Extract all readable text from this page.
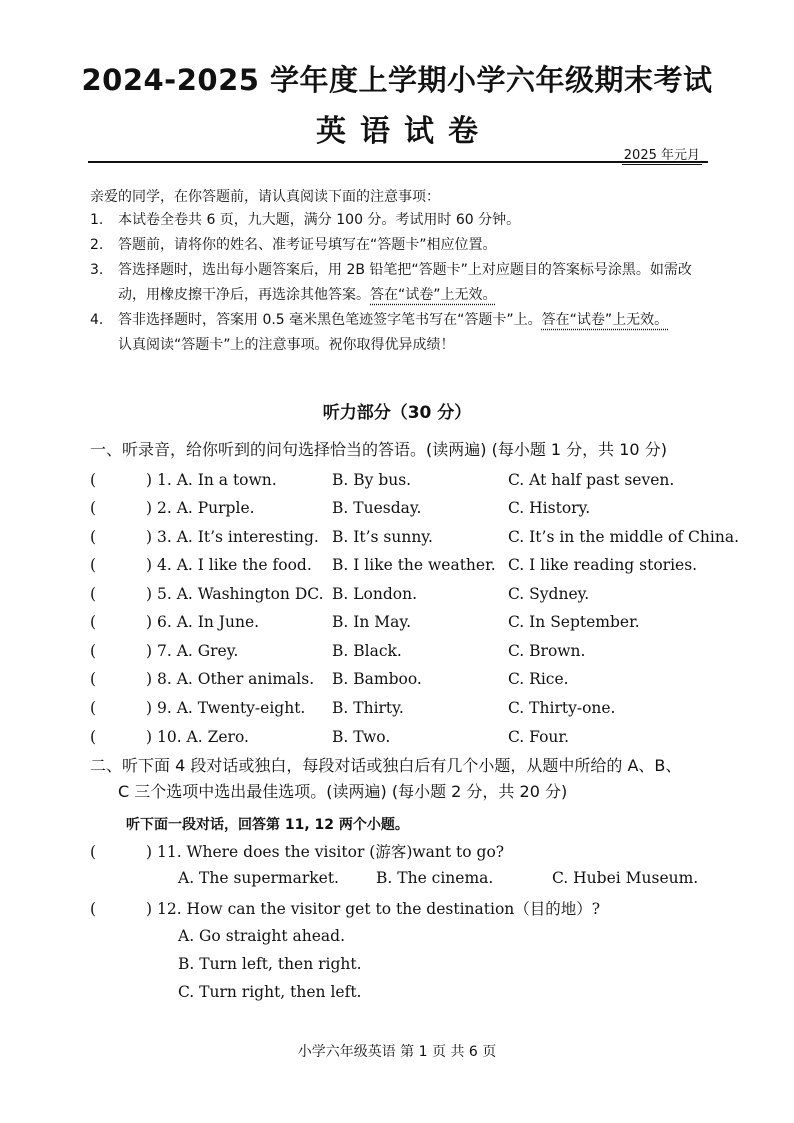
2024-2025 学年度上学期小学六年级期末考试
英语试卷
2025 年元月
亲爱的同学，在你答题前，请认真阅读下面的注意事项：

1. 本试卷全卷共 6 页，九大题，满分 100 分。考试用时 60 分钟。

2. 答题前，请将你的姓名、准考证号填写在“答题卡”相应位置。

3. 答选择题时，选出每小题答案后，用 2B 铅笔把“答题卡”上对应题目的答案标号涂黑。如需改动，用橡皮擦干净后，再选涂其他答案。答在“试卷”上无效。

4. 答非选择题时，答案用 0.5 毫米黑色笔迹签字笔书写在“答题卡”上。答在“试卷”上无效。

认真阅读“答题卡”上的注意事项。祝你取得优异成绩！
听力部分（30 分）
一、听录音，给你听到的问句选择恰当的答语。(读两遍) (每小题 1 分，共 10 分)
(	) 1. A. In a town.	B. By bus.	C. At half past seven.
(	) 2. A. Purple.	B. Tuesday.	C. History.
(	) 3. A. It’s interesting. B. It’s sunny.	C. It’s in the middle of China.
(	) 4. A. I like the food. B. I like the weather. C. I like reading stories.
(	) 5. A. Washington DC. B. London.	C. Sydney.
(	) 6. A. In June.	B. In May.	C. In September.
(	) 7. A. Grey.	B. Black.	C. Brown.
(	) 8. A. Other animals. B. Bamboo.	C. Rice.
(	) 9. A. Twenty-eight. B. Thirty.	C. Thirty-one.
(	) 10. A. Zero.	B. Two.	C. Four.
二、听下面 4 段对话或独白，每段对话或独白后有几个小题，从题中所给的 A、B、
C 三个选项中选出最佳选项。(读两遍) (每小题 2 分，共 20 分)
听下面一段对话，回答第 11, 12 两个小题。
(	) 11. Where does the visitor (游客)want to go?
A. The supermarket. B. The cinema.	C. Hubei Museum.
(	) 12. How can the visitor get to the destination（目的地）?
A. Go straight ahead.
B. Turn left, then right.
C. Turn right, then left.
小学六年级英语 第 1 页 共 6 页
